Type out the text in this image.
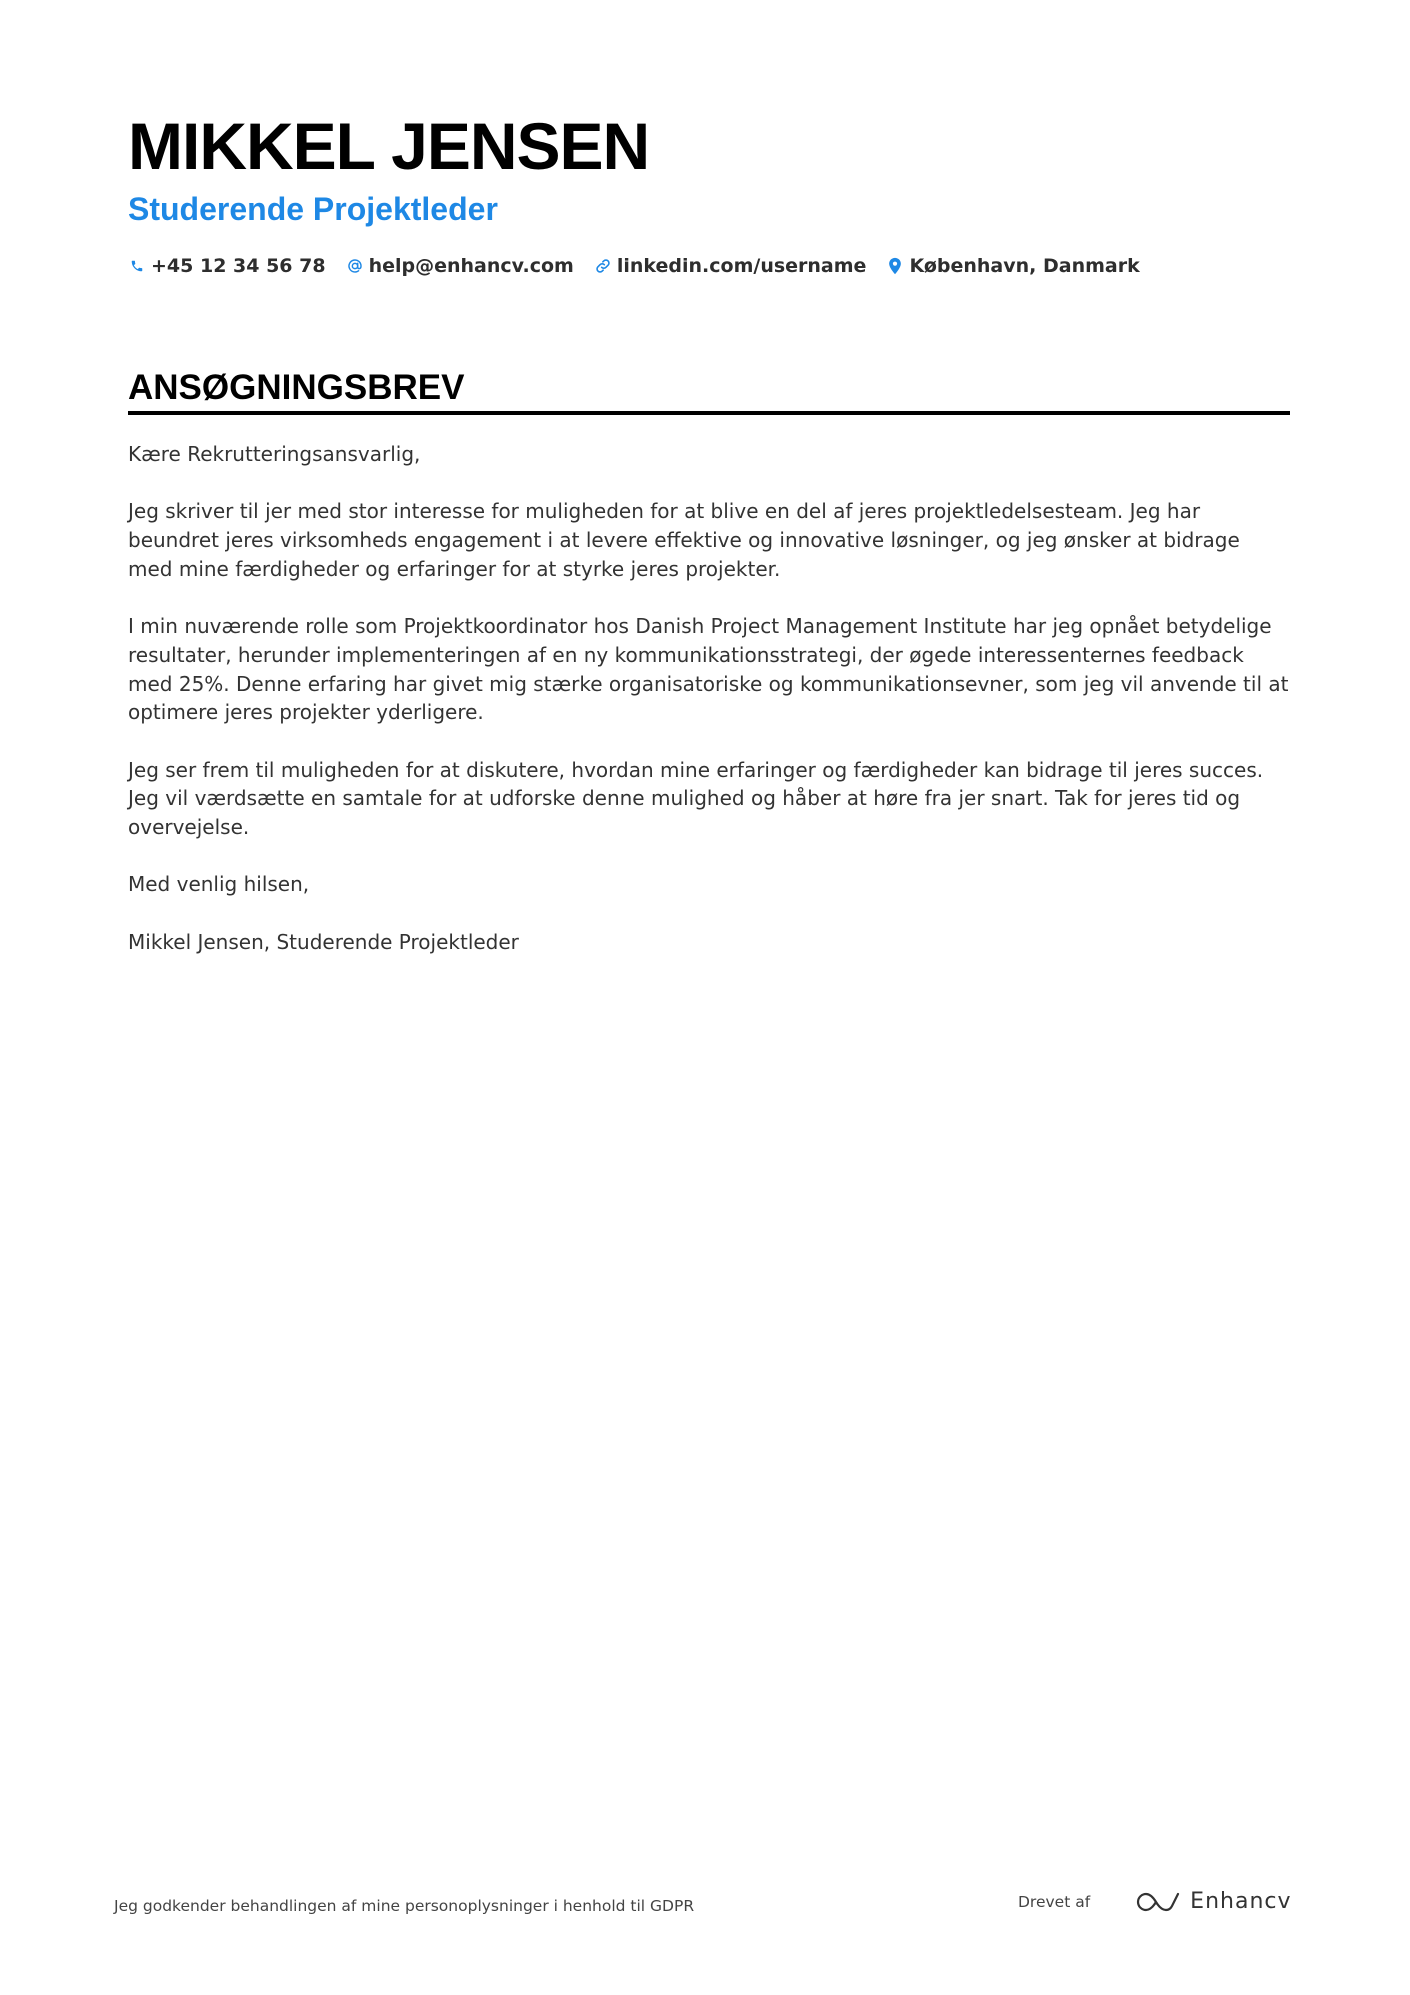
MIKKEL JENSEN
Studerende Projektleder
+45 12 34 56 78 help@enhancv.com linkedin.com/username København, Danmark
ANSØGNINGSBREV

Kære Rekrutteringsansvarlig,

Jeg skriver til jer med stor interesse for muligheden for at blive en del af jeres projektledelsesteam. Jeg har beundret jeres virksomheds engagement i at levere effektive og innovative løsninger, og jeg ønsker at bidrage med mine færdigheder og erfaringer for at styrke jeres projekter.

I min nuværende rolle som Projektkoordinator hos Danish Project Management Institute har jeg opnået betydelige resultater, herunder implementeringen af en ny kommunikationsstrategi, der øgede interessenternes feedback med 25%. Denne erfaring har givet mig stærke organisatoriske og kommunikationsevner, som jeg vil anvende til at optimere jeres projekter yderligere.

Jeg ser frem til muligheden for at diskutere, hvordan mine erfaringer og færdigheder kan bidrage til jeres succes. Jeg vil værdsætte en samtale for at udforske denne mulighed og håber at høre fra jer snart. Tak for jeres tid og overvejelse.

Med venlig hilsen,

Mikkel Jensen, Studerende Projektleder

Jeg godkender behandlingen af mine personoplysninger i henhold til GDPR	Drevet af	Enhancv
